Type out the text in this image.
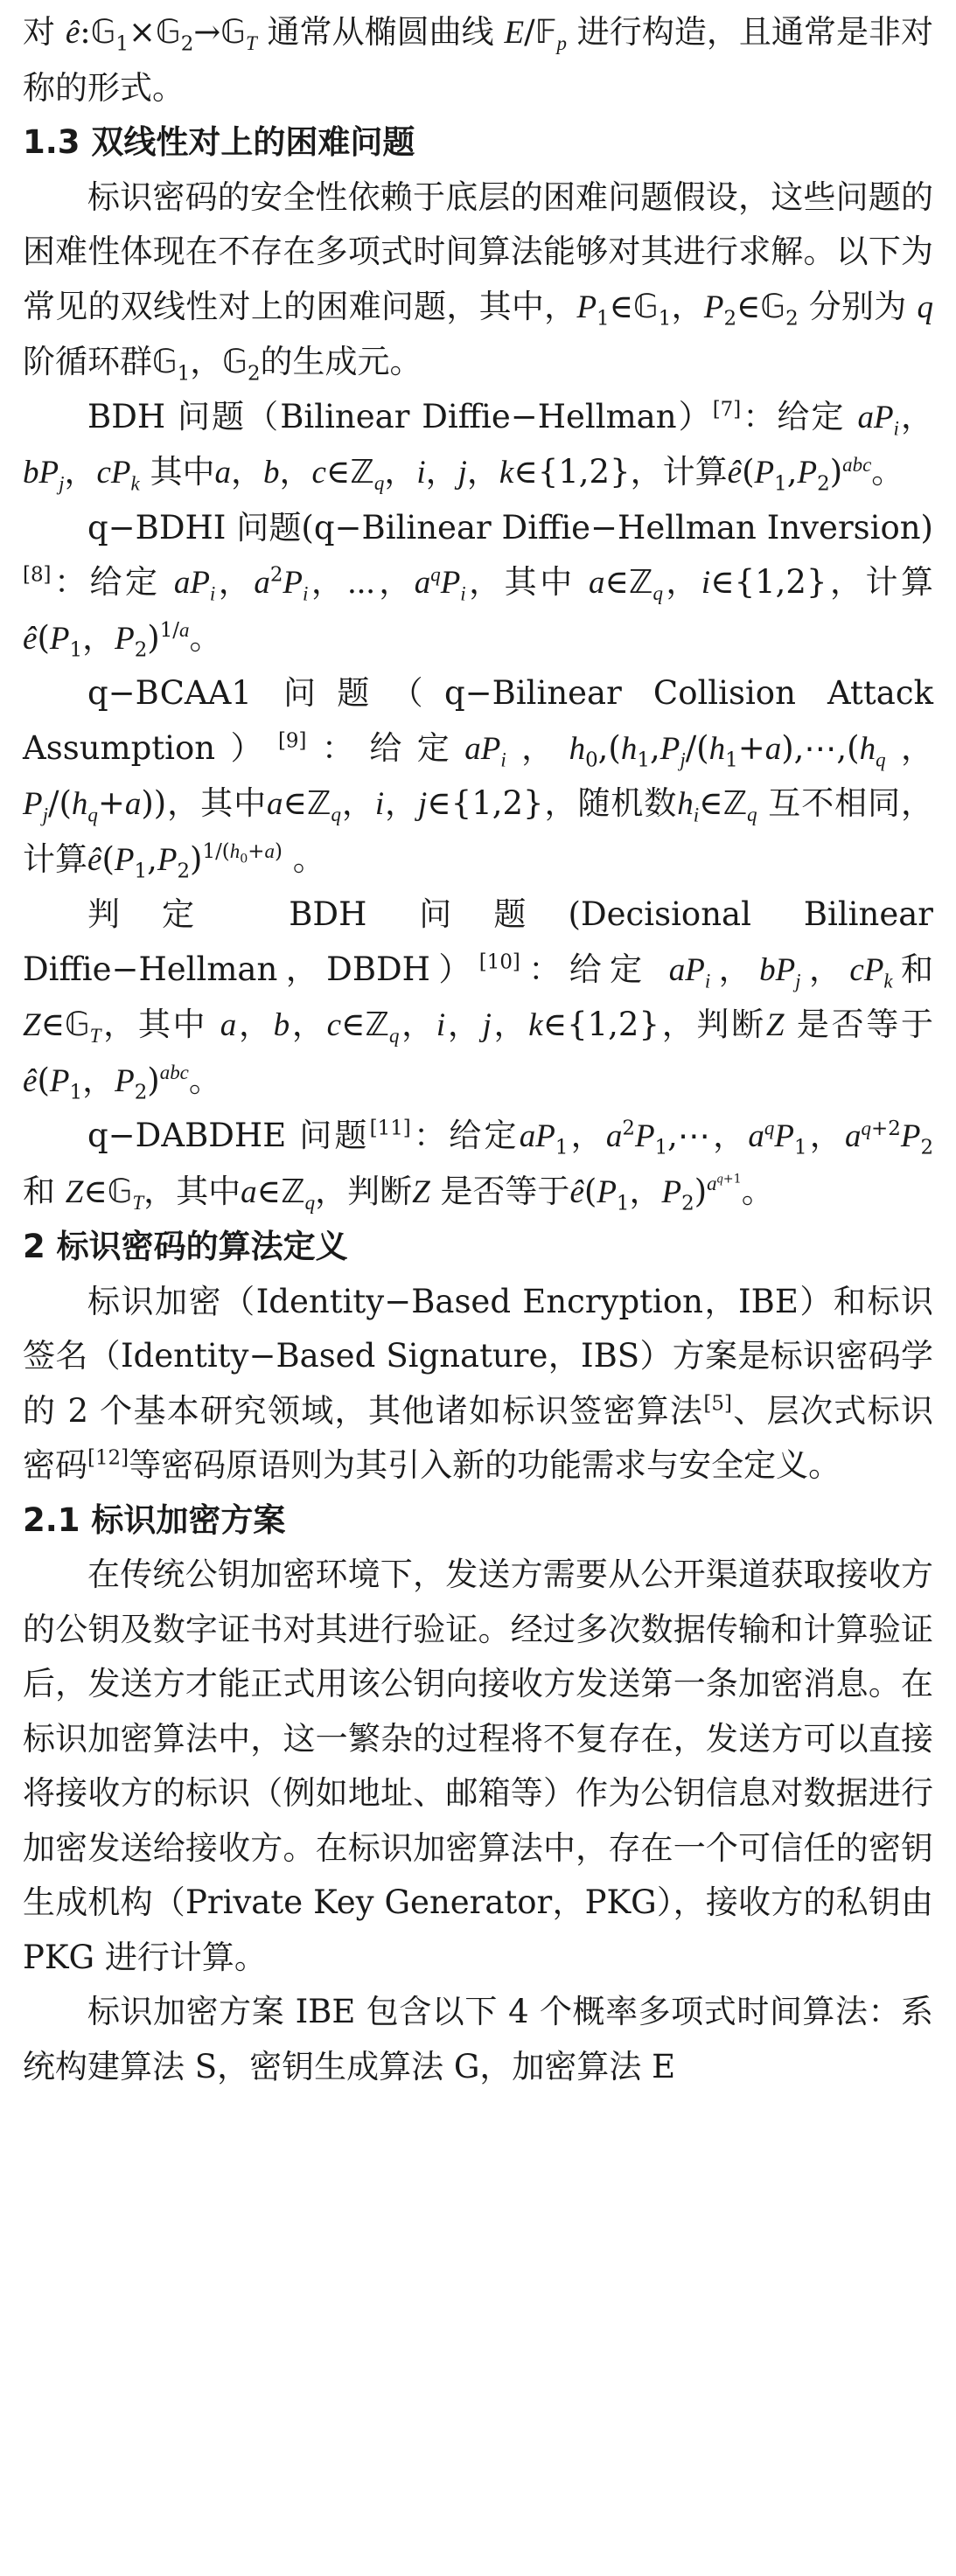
对 ê:𝔾$_1$×𝔾$_2$→𝔾$_T$ 通常从椭圆曲线 E/𝔽$_p$ 进行构造，且通常是非对称的形式。

1.3 双线性对上的困难问题

标识密码的安全性依赖于底层的困难问题假设，这些问题的困难性体现在不存在多项式时间算法能够对其进行求解。以下为常见的双线性对上的困难问题，其中，$P_1\in 𝔾_1$，$P_2\in 𝔾_2$ 分别为 q 阶循环群𝔾$_1$，𝔾$_2$的生成元。

BDH 问题（Bilinear Diffie−Hellman）[7]：给定 $aP_i$，$bP_j$，$cP_k$ 其中a，b，c∈ℤ$_q$，i，j，k∈{1,2}，计算$ê(P_1,P_2)^{abc}$。

q−BDHI 问题(q−Bilinear Diffie−Hellman Inversion)[8]：给定 $aP_i$，$a^2P_i$，⋯，$a^qP_i$，其中 a∈ℤ$_q$，i∈{1,2}，计算$ê(P_1$，$P_2)^{1/a}$。

q−BCAA1 问题（q−Bilinear Collision Attack Assumption）[9]：给定$aP_i$，$h_0,(h_1,P_j/(h_1+a),\cdots,(h_q$，$P_j/(h_q+a)$)，其中a∈ℤ$_q$，i，j∈{1,2}，随机数$h_i\in ℤ_q$ 互不相同，计算$ê(P_1,P_2)^{1/(h_0+a)}$ 。

判定 BDH 问题(Decisional Bilinear Diffie−Hellman，DBDH）[10]：给定 $aP_i$，$bP_j$，$cP_k$和 Z∈𝔾$_T$，其中 a，b，c∈ℤ$_q$，i，j，k∈{1,2}，判断Z 是否等于$ê(P_1$，$P_2)^{abc}$。

q−DABDHE 问题[11]：给定$aP_1$，$a^2P_1,\cdots$，$a^qP_1$，$a^{q+2}P_2$ 和 Z∈𝔾$_T$，其中a∈ℤ$_q$，判断Z 是否等于$ê(P_1$，$P_2)^{a^{q+1}}$。

2 标识密码的算法定义

标识加密（Identity−Based Encryption，IBE）和标识签名（Identity−Based Signature，IBS）方案是标识密码学的 2 个基本研究领域，其他诸如标识签密算法[5]、层次式标识密码[12]等密码原语则为其引入新的功能需求与安全定义。

2.1 标识加密方案

在传统公钥加密环境下，发送方需要从公开渠道获取接收方的公钥及数字证书对其进行验证。经过多次数据传输和计算验证后，发送方才能正式用该公钥向接收方发送第一条加密消息。在标识加密算法中，这一繁杂的过程将不复存在，发送方可以直接将接收方的标识（例如地址、邮箱等）作为公钥信息对数据进行加密发送给接收方。在标识加密算法中，存在一个可信任的密钥生成机构（Private Key Generator，PKG），接收方的私钥由 PKG 进行计算。

标识加密方案 IBE 包含以下 4 个概率多项式时间算法：系统构建算法 S，密钥生成算法 G，加密算法 E
